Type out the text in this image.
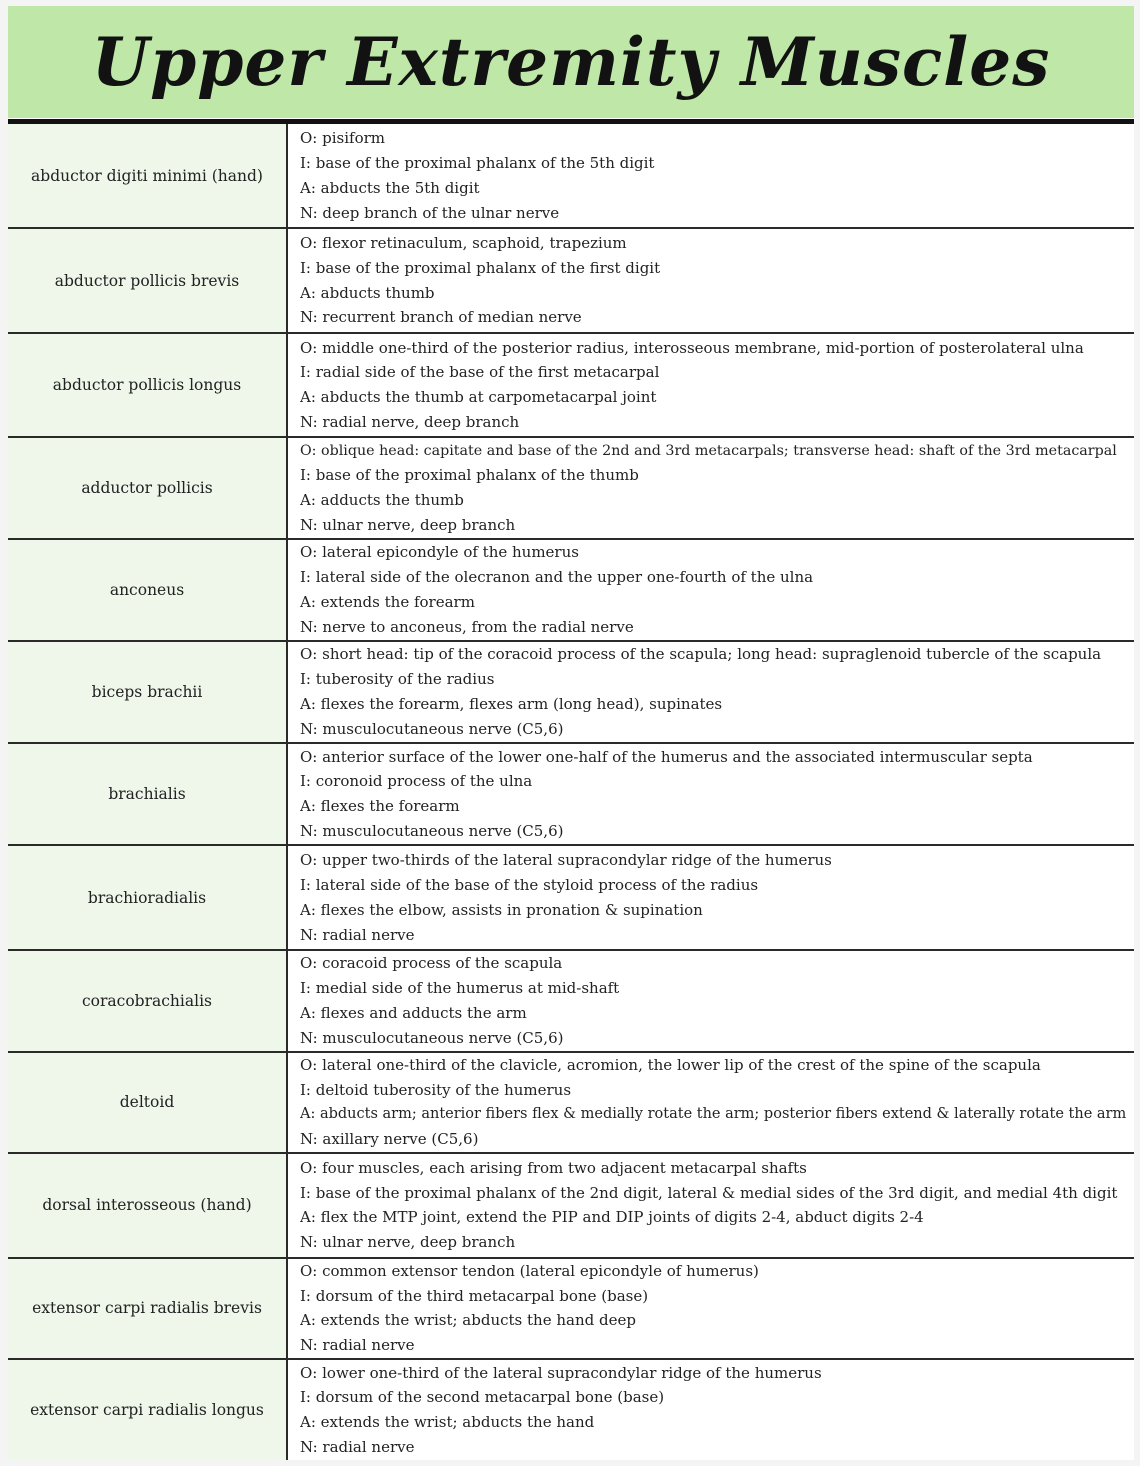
Upper Extremity Muscles
abductor digiti minimi (hand)	O: pisiform
I: base of the proximal phalanx of the 5th digit
A: abducts the 5th digit
N: deep branch of the ulnar nerve

abductor pollicis brevis	O: flexor retinaculum, scaphoid, trapezium
I: base of the proximal phalanx of the first digit
A: abducts thumb
N: recurrent branch of median nerve

abductor pollicis longus	O: middle one-third of the posterior radius, interosseous membrane, mid-portion of posterolateral ulna
I: radial side of the base of the first metacarpal
A: abducts the thumb at carpometacarpal joint
N: radial nerve, deep branch

adductor pollicis	O: oblique head: capitate and base of the 2nd and 3rd metacarpals; transverse head: shaft of the 3rd metacarpal
I: base of the proximal phalanx of the thumb
A: adducts the thumb
N: ulnar nerve, deep branch

anconeus	O: lateral epicondyle of the humerus
I: lateral side of the olecranon and the upper one-fourth of the ulna
A: extends the forearm
N: nerve to anconeus, from the radial nerve

biceps brachii	O: short head: tip of the coracoid process of the scapula; long head: supraglenoid tubercle of the scapula
I: tuberosity of the radius
A: flexes the forearm, flexes arm (long head), supinates
N: musculocutaneous nerve (C5,6)

brachialis	O: anterior surface of the lower one-half of the humerus and the associated intermuscular septa
I: coronoid process of the ulna
A: flexes the forearm
N: musculocutaneous nerve (C5,6)

brachioradialis	O: upper two-thirds of the lateral supracondylar ridge of the humerus
I: lateral side of the base of the styloid process of the radius
A: flexes the elbow, assists in pronation & supination
N: radial nerve

coracobrachialis	O: coracoid process of the scapula
I: medial side of the humerus at mid-shaft
A: flexes and adducts the arm
N: musculocutaneous nerve (C5,6)

deltoid	O: lateral one-third of the clavicle, acromion, the lower lip of the crest of the spine of the scapula
I: deltoid tuberosity of the humerus
A: abducts arm; anterior fibers flex & medially rotate the arm; posterior fibers extend & laterally rotate the arm
N: axillary nerve (C5,6)

dorsal interosseous (hand)	O: four muscles, each arising from two adjacent metacarpal shafts
I: base of the proximal phalanx of the 2nd digit, lateral & medial sides of the 3rd digit, and medial 4th digit
A: flex the MTP joint, extend the PIP and DIP joints of digits 2-4, abduct digits 2-4
N: ulnar nerve, deep branch

extensor carpi radialis brevis	O: common extensor tendon (lateral epicondyle of humerus)
I: dorsum of the third metacarpal bone (base)
A: extends the wrist; abducts the hand deep
N: radial nerve

extensor carpi radialis longus	O: lower one-third of the lateral supracondylar ridge of the humerus
I: dorsum of the second metacarpal bone (base)
A: extends the wrist; abducts the hand
N: radial nerve
